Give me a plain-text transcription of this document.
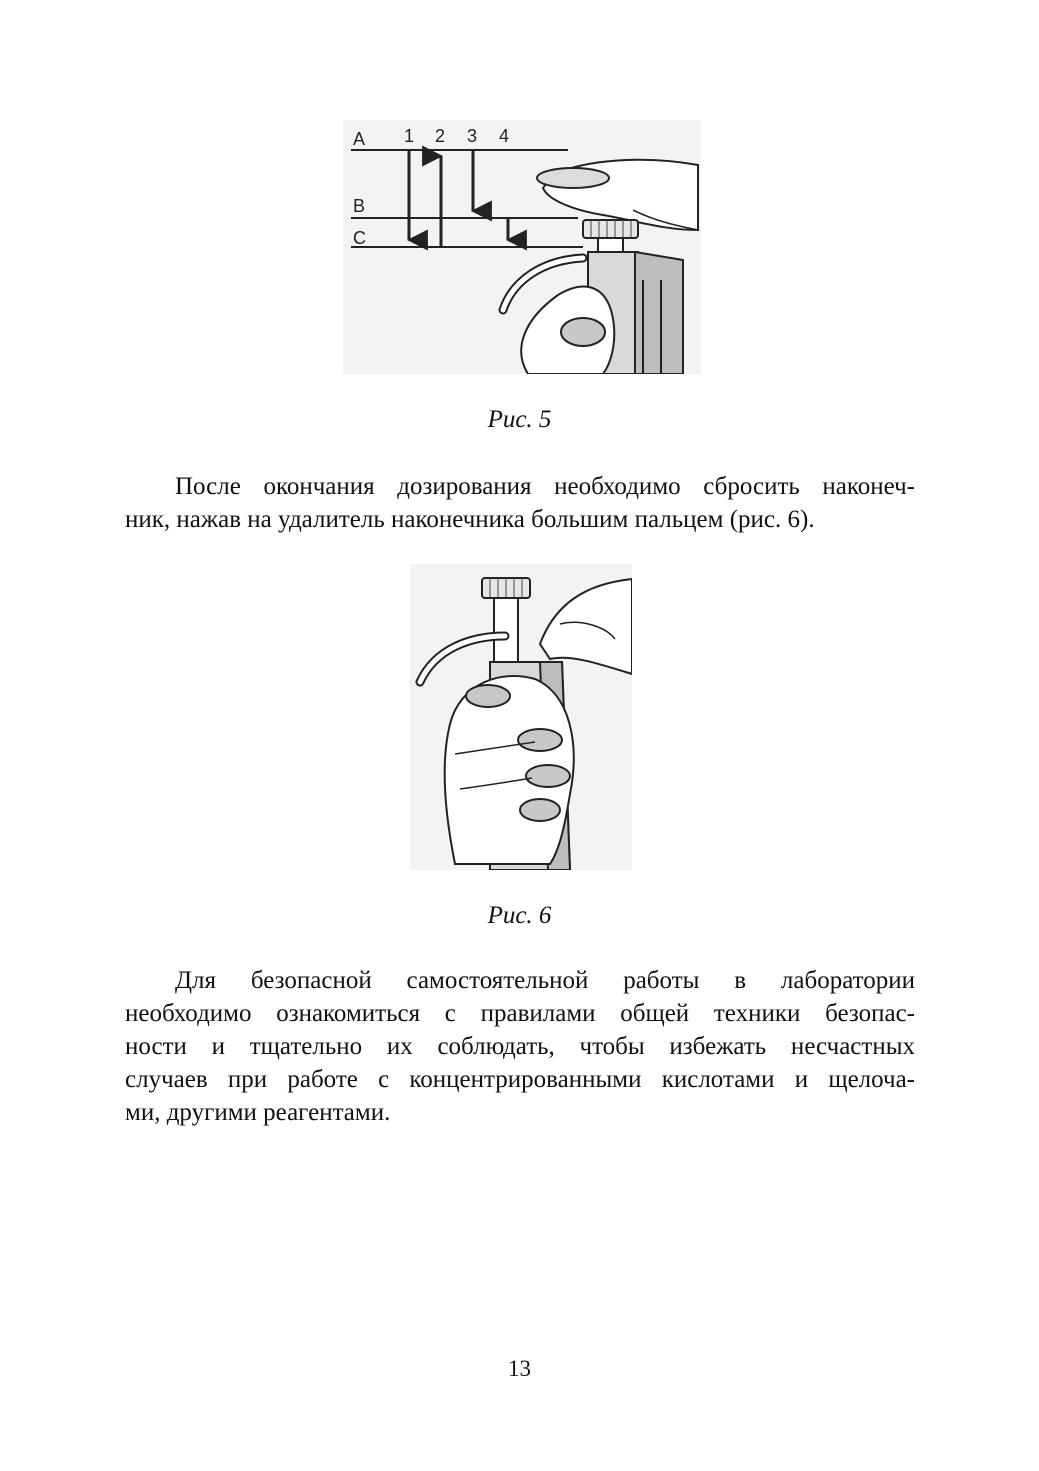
A
B
C
1 2 3 4
Рис. 5
После окончания дозирования необходимо сбросить наконеч-
ник, нажав на удалитель наконечника большим пальцем (рис. 6).
Рис. 6
Для безопасной самостоятельной работы в лаборатории
необходимо ознакомиться с правилами общей техники безопас-
ности и тщательно их соблюдать, чтобы избежать несчастных
случаев при работе с концентрированными кислотами и щелоча-
ми, другими реагентами.
13
